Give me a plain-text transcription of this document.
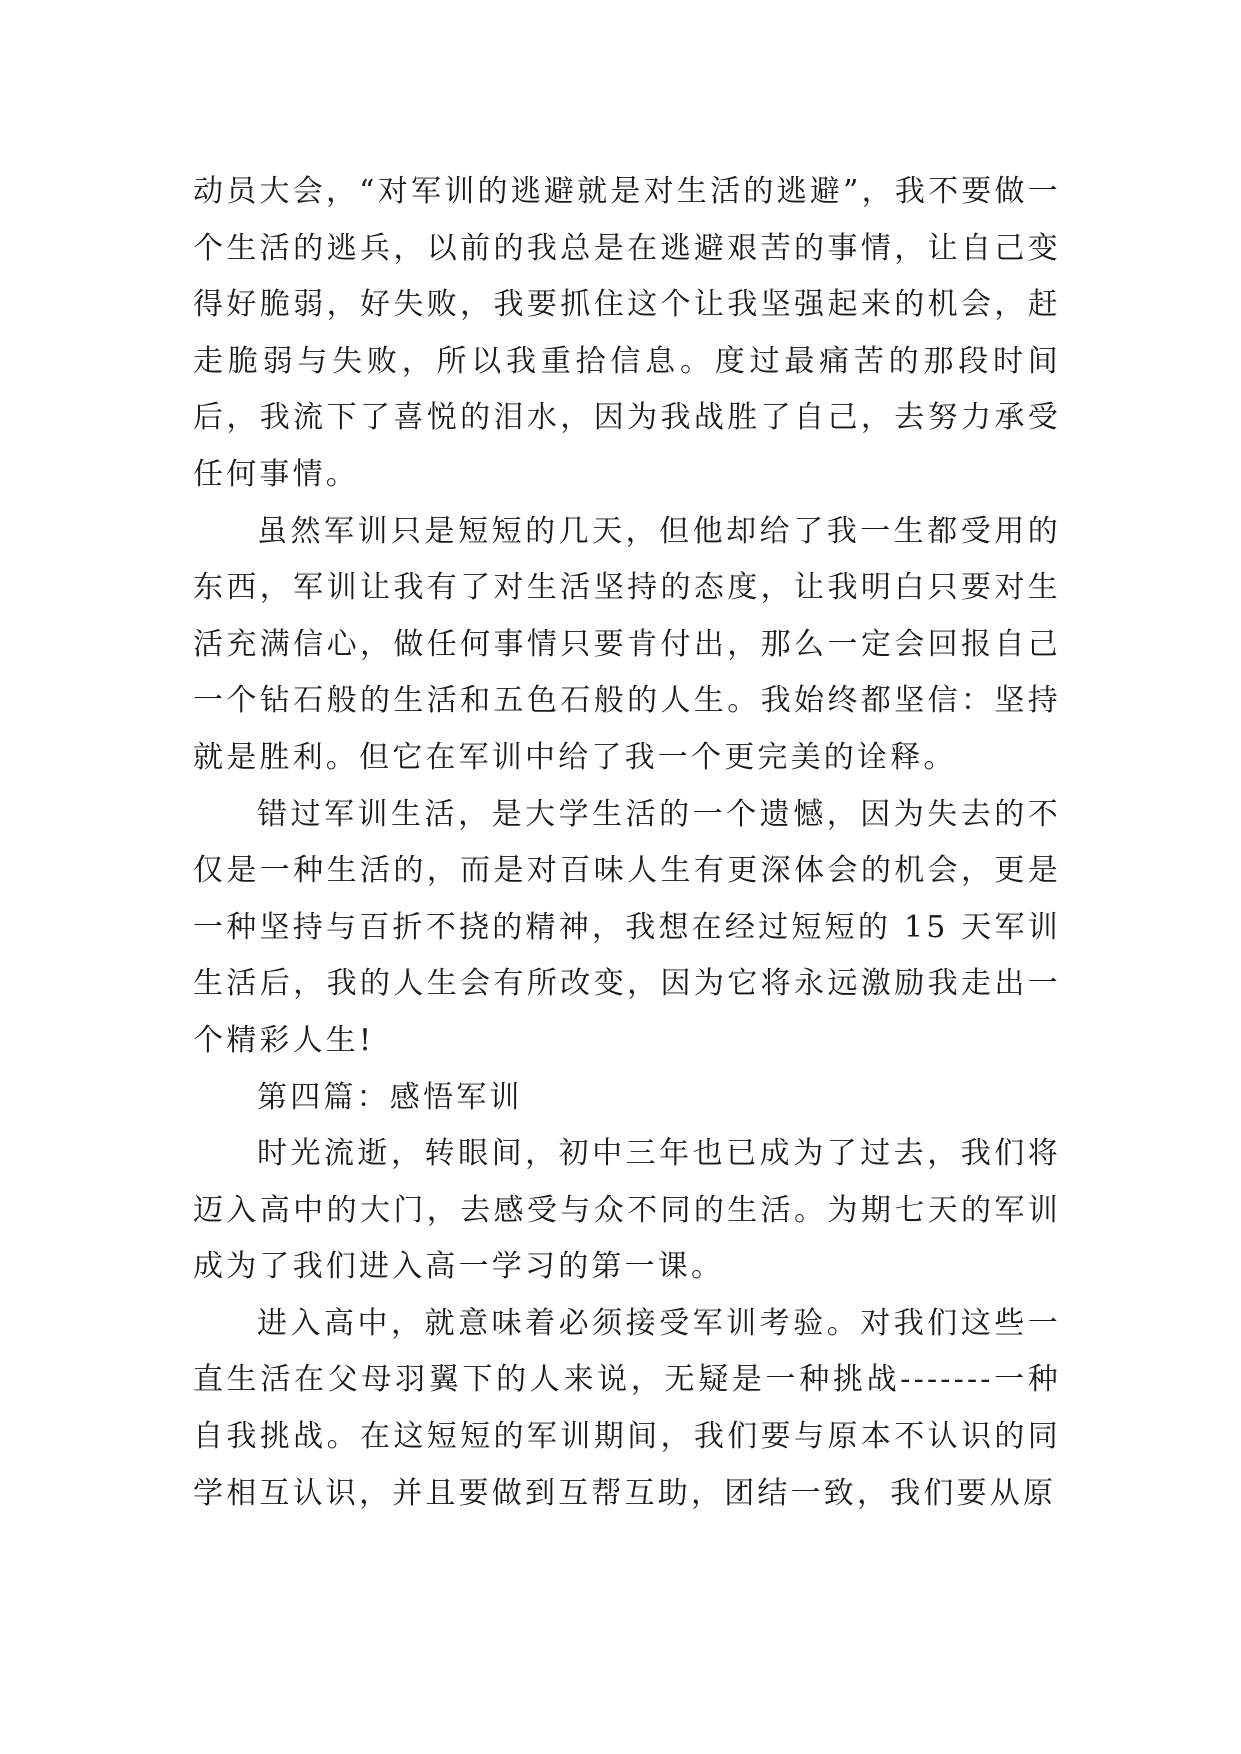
动员大会，“对军训的逃避就是对生活的逃避”，我不要做一个生活的逃兵，以前的我总是在逃避艰苦的事情，让自己变得好脆弱，好失败，我要抓住这个让我坚强起来的机会，赶走脆弱与失败，所以我重拾信息。度过最痛苦的那段时间后，我流下了喜悦的泪水，因为我战胜了自己，去努力承受任何事情。

虽然军训只是短短的几天，但他却给了我一生都受用的东西，军训让我有了对生活坚持的态度，让我明白只要对生活充满信心，做任何事情只要肯付出，那么一定会回报自己一个钻石般的生活和五色石般的人生。我始终都坚信：坚持就是胜利。但它在军训中给了我一个更完美的诠释。

错过军训生活，是大学生活的一个遗憾，因为失去的不仅是一种生活的，而是对百味人生有更深体会的机会，更是一种坚持与百折不挠的精神，我想在经过短短的 15 天军训生活后，我的人生会有所改变，因为它将永远激励我走出一个精彩人生!

第四篇：感悟军训

时光流逝，转眼间，初中三年也已成为了过去，我们将迈入高中的大门，去感受与众不同的生活。为期七天的军训成为了我们进入高一学习的第一课。

进入高中，就意味着必须接受军训考验。对我们这些一直生活在父母羽翼下的人来说，无疑是一种挑战-------一种自我挑战。在这短短的军训期间，我们要与原本不认识的同学相互认识，并且要做到互帮互助，团结一致，我们要从原
